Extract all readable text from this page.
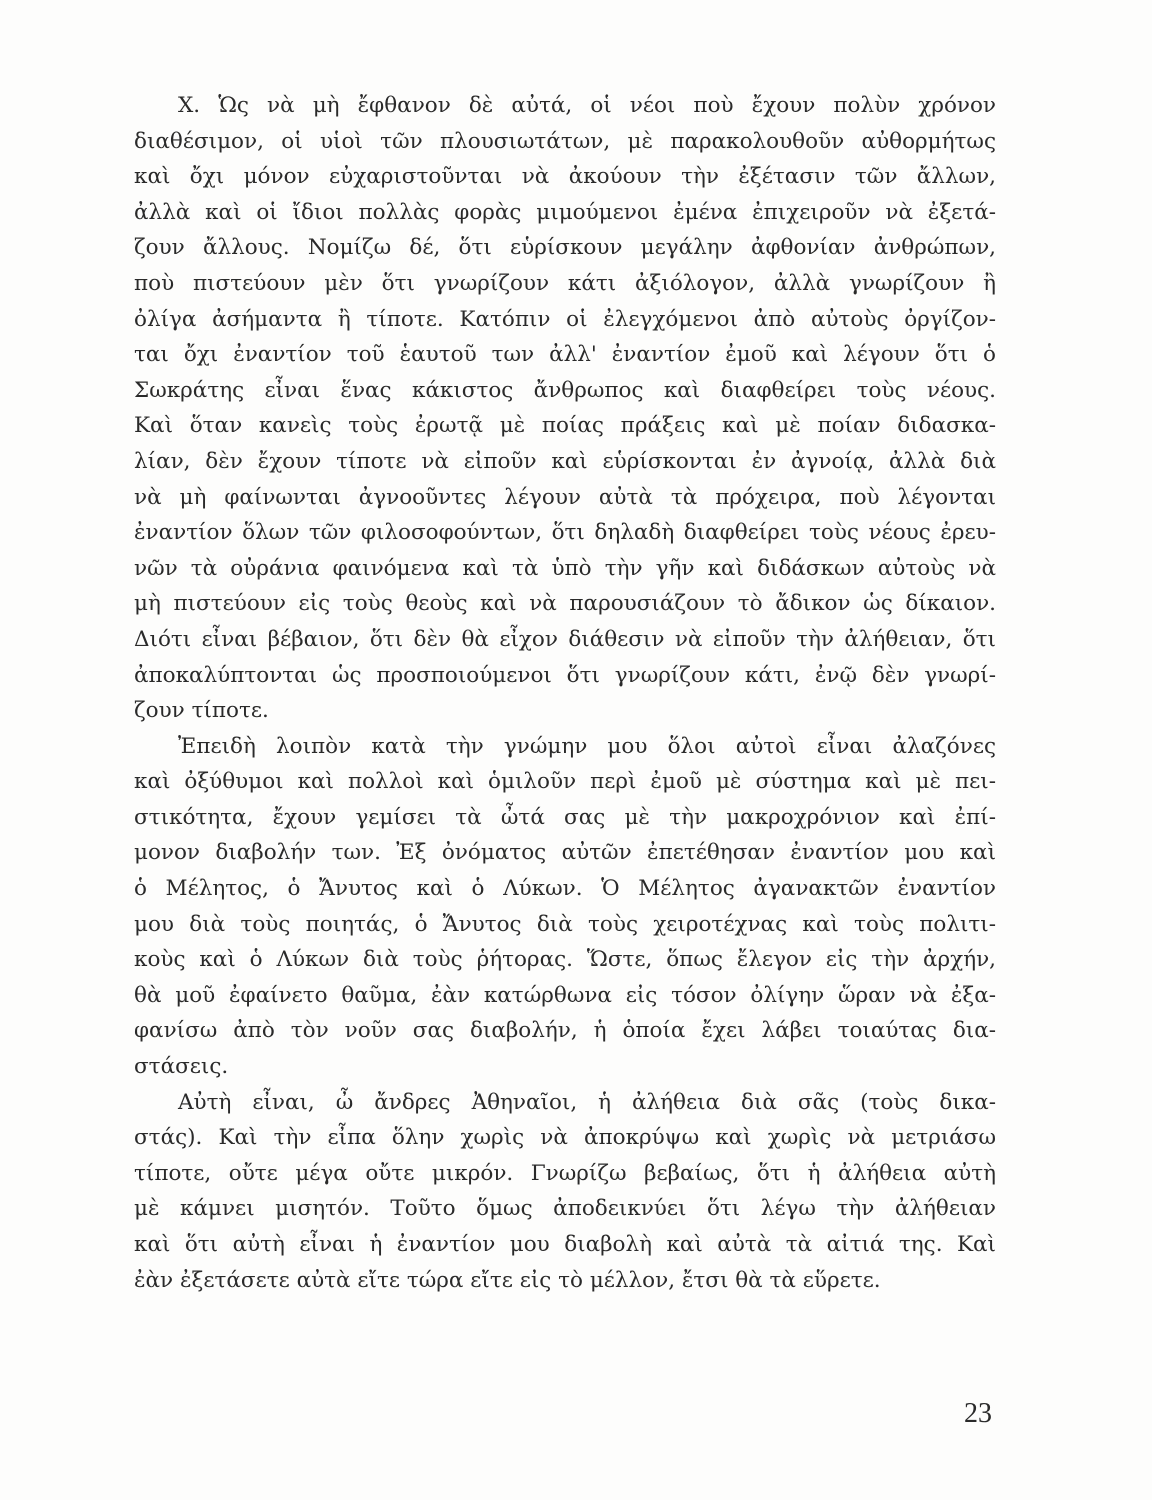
Χ. Ὡς νὰ μὴ ἔφθανον δὲ αὐτά, οἱ νέοι ποὺ ἔχουν πολὺν χρόνον
διαθέσιμον, οἱ υἱοὶ τῶν πλουσιωτάτων, μὲ παρακολουθοῦν αὐθορμήτως
καὶ ὄχι μόνον εὐχαριστοῦνται νὰ ἀκούουν τὴν ἐξέτασιν τῶν ἄλλων,
ἀλλὰ καὶ οἱ ἴδιοι πολλὰς φορὰς μιμούμενοι ἐμένα ἐπιχειροῦν νὰ ἐξετά-
ζουν ἄλλους. Νομίζω δέ, ὅτι εὑρίσκουν μεγάλην ἀφθονίαν ἀνθρώπων,
ποὺ πιστεύουν μὲν ὅτι γνωρίζουν κάτι ἀξιόλογον, ἀλλὰ γνωρίζουν ἢ
ὀλίγα ἀσήμαντα ἢ τίποτε. Κατόπιν οἱ ἐλεγχόμενοι ἀπὸ αὐτοὺς ὀργίζον-
ται ὄχι ἐναντίον τοῦ ἑαυτοῦ των ἀλλ' ἐναντίον ἐμοῦ καὶ λέγουν ὅτι ὁ
Σωκράτης εἶναι ἕνας κάκιστος ἄνθρωπος καὶ διαφθείρει τοὺς νέους.
Καὶ ὅταν κανεὶς τοὺς ἐρωτᾷ μὲ ποίας πράξεις καὶ μὲ ποίαν διδασκα-
λίαν, δὲν ἔχουν τίποτε νὰ εἰποῦν καὶ εὑρίσκονται ἐν ἀγνοίᾳ, ἀλλὰ διὰ
νὰ μὴ φαίνωνται ἀγνοοῦντες λέγουν αὐτὰ τὰ πρόχειρα, ποὺ λέγονται
ἐναντίον ὅλων τῶν φιλοσοφούντων, ὅτι δηλαδὴ διαφθείρει τοὺς νέους ἐρευ-
νῶν τὰ οὐράνια φαινόμενα καὶ τὰ ὑπὸ τὴν γῆν καὶ διδάσκων αὐτοὺς νὰ
μὴ πιστεύουν εἰς τοὺς θεοὺς καὶ νὰ παρουσιάζουν τὸ ἄδικον ὡς δίκαιον.
Διότι εἶναι βέβαιον, ὅτι δὲν θὰ εἶχον διάθεσιν νὰ εἰποῦν τὴν ἀλήθειαν, ὅτι
ἀποκαλύπτονται ὡς προσποιούμενοι ὅτι γνωρίζουν κάτι, ἐνῷ δὲν γνωρί-
ζουν τίποτε.
Ἐπειδὴ λοιπὸν κατὰ τὴν γνώμην μου ὅλοι αὐτοὶ εἶναι ἀλαζόνες
καὶ ὀξύθυμοι καὶ πολλοὶ καὶ ὁμιλοῦν περὶ ἐμοῦ μὲ σύστημα καὶ μὲ πει-
στικότητα, ἔχουν γεμίσει τὰ ὦτά σας μὲ τὴν μακροχρόνιον καὶ ἐπί-
μονον διαβολήν των. Ἐξ ὀνόματος αὐτῶν ἐπετέθησαν ἐναντίον μου καὶ
ὁ Μέλητος, ὁ Ἄνυτος καὶ ὁ Λύκων. Ὁ Μέλητος ἀγανακτῶν ἐναντίον
μου διὰ τοὺς ποιητάς, ὁ Ἄνυτος διὰ τοὺς χειροτέχνας καὶ τοὺς πολιτι-
κοὺς καὶ ὁ Λύκων διὰ τοὺς ῥήτορας. Ὥστε, ὅπως ἔλεγον εἰς τὴν ἀρχήν,
θὰ μοῦ ἐφαίνετο θαῦμα, ἐὰν κατώρθωνα εἰς τόσον ὀλίγην ὥραν νὰ ἐξα-
φανίσω ἀπὸ τὸν νοῦν σας διαβολήν, ἡ ὁποία ἔχει λάβει τοιαύτας δια-
στάσεις.
Αὐτὴ εἶναι, ὦ ἄνδρες Ἀθηναῖοι, ἡ ἀλήθεια διὰ σᾶς (τοὺς δικα-
στάς). Καὶ τὴν εἶπα ὅλην χωρὶς νὰ ἀποκρύψω καὶ χωρὶς νὰ μετριάσω
τίποτε, οὔτε μέγα οὔτε μικρόν. Γνωρίζω βεβαίως, ὅτι ἡ ἀλήθεια αὐτὴ
μὲ κάμνει μισητόν. Τοῦτο ὅμως ἀποδεικνύει ὅτι λέγω τὴν ἀλήθειαν
καὶ ὅτι αὐτὴ εἶναι ἡ ἐναντίον μου διαβολὴ καὶ αὐτὰ τὰ αἰτιά της. Καὶ
ἐὰν ἐξετάσετε αὐτὰ εἴτε τώρα εἴτε εἰς τὸ μέλλον, ἔτσι θὰ τὰ εὕρετε.
23
